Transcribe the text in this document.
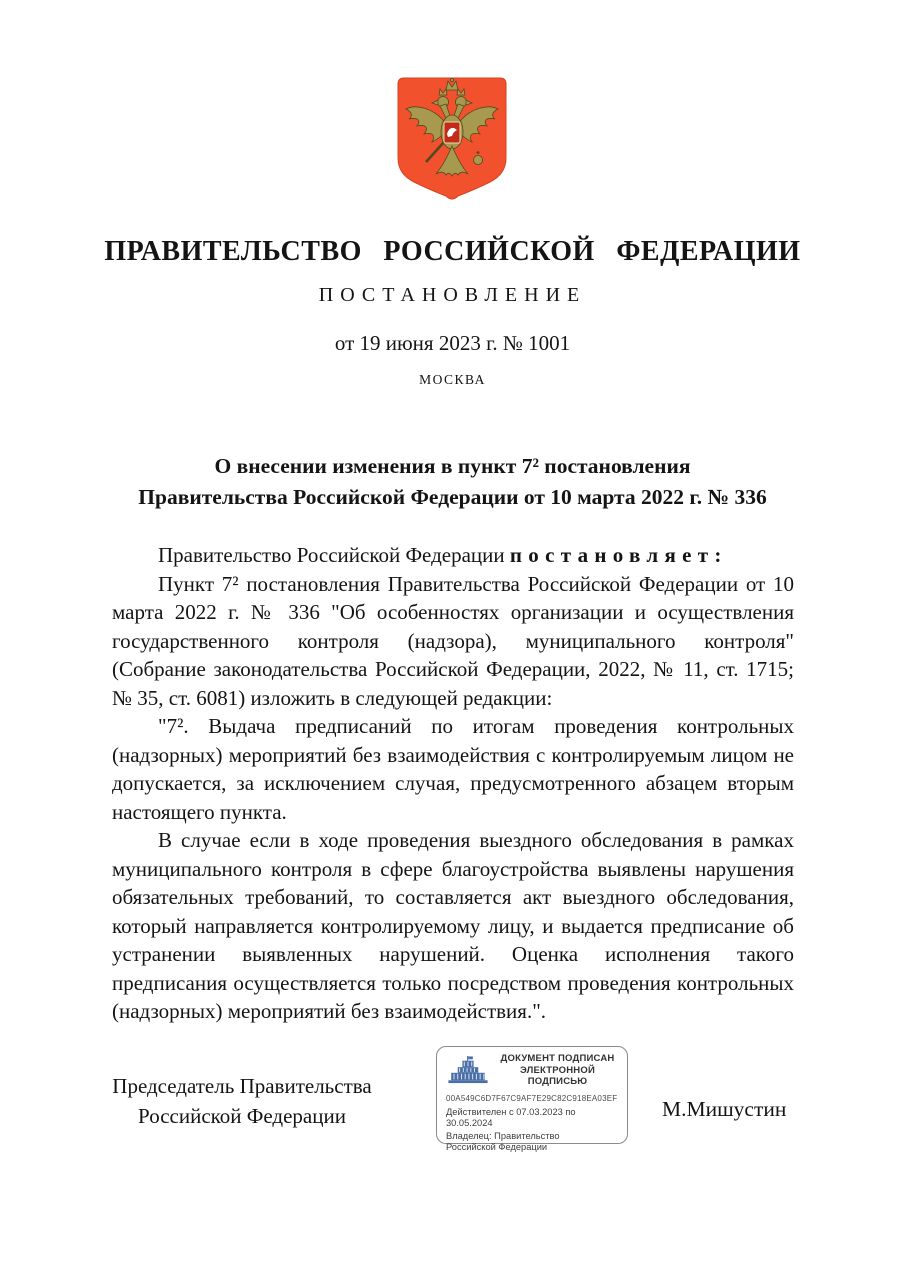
ПРАВИТЕЛЬСТВО РОССИЙСКОЙ ФЕДЕРАЦИИ
ПОСТАНОВЛЕНИЕ
от 19 июня 2023 г. № 1001
МОСКВА
О внесении изменения в пункт 7² постановления
Правительства Российской Федерации от 10 марта 2022 г. № 336

Правительство Российской Федерации постановляет:

Пункт 7² постановления Правительства Российской Федерации от 10 марта 2022 г. № 336 "Об особенностях организации и осуществления государственного контроля (надзора), муниципального контроля" (Собрание законодательства Российской Федерации, 2022, № 11, ст. 1715; № 35, ст. 6081) изложить в следующей редакции:

"7². Выдача предписаний по итогам проведения контрольных (надзорных) мероприятий без взаимодействия с контролируемым лицом не допускается, за исключением случая, предусмотренного абзацем вторым настоящего пункта.

В случае если в ходе проведения выездного обследования в рамках муниципального контроля в сфере благоустройства выявлены нарушения обязательных требований, то составляется акт выездного обследования, который направляется контролируемому лицу, и выдается предписание об устранении выявленных нарушений. Оценка исполнения такого предписания осуществляется только посредством проведения контрольных (надзорных) мероприятий без взаимодействия.".

Председатель Правительства
Российской Федерации	М.Мишустин
ДОКУМЕНТ ПОДПИСАН
ЭЛЕКТРОННОЙ ПОДПИСЬЮ
00A549C6D7F67C9AF7E29C82C918EA03EF
Действителен с 07.03.2023 по 30.05.2024
Владелец: Правительство Российской Федерации
